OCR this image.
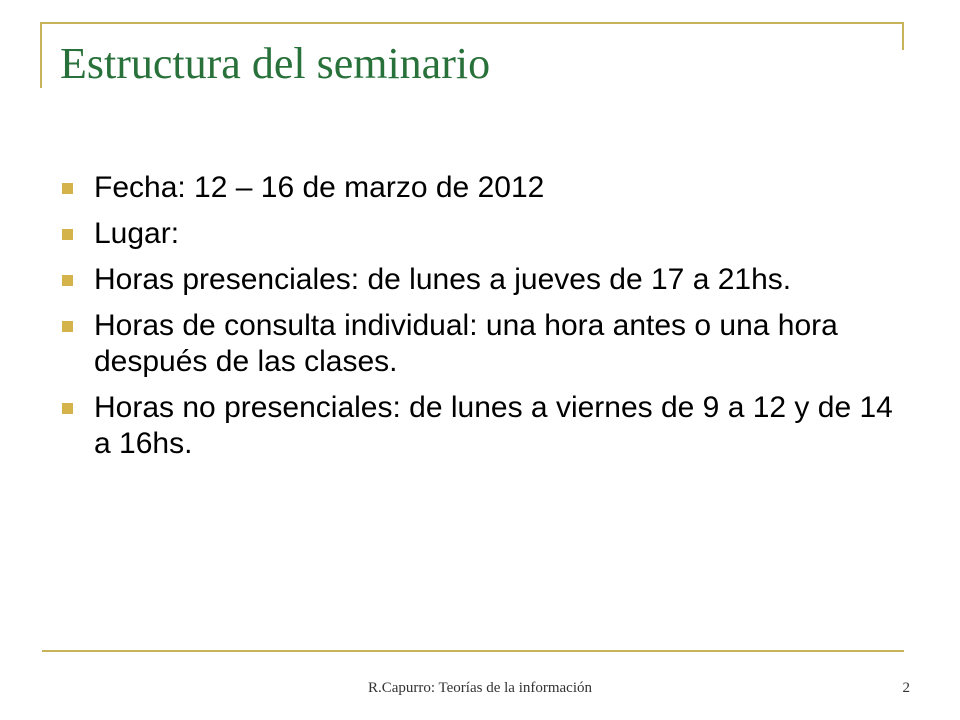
Estructura del seminario
Fecha: 12 – 16 de marzo de 2012
Lugar:
Horas presenciales: de lunes a jueves de 17 a 21hs.
Horas de consulta individual: una hora antes o una hora después de las clases.
Horas no presenciales: de lunes a viernes de 9 a 12 y de 14 a 16hs.
R.Capurro: Teorías de la información	2
